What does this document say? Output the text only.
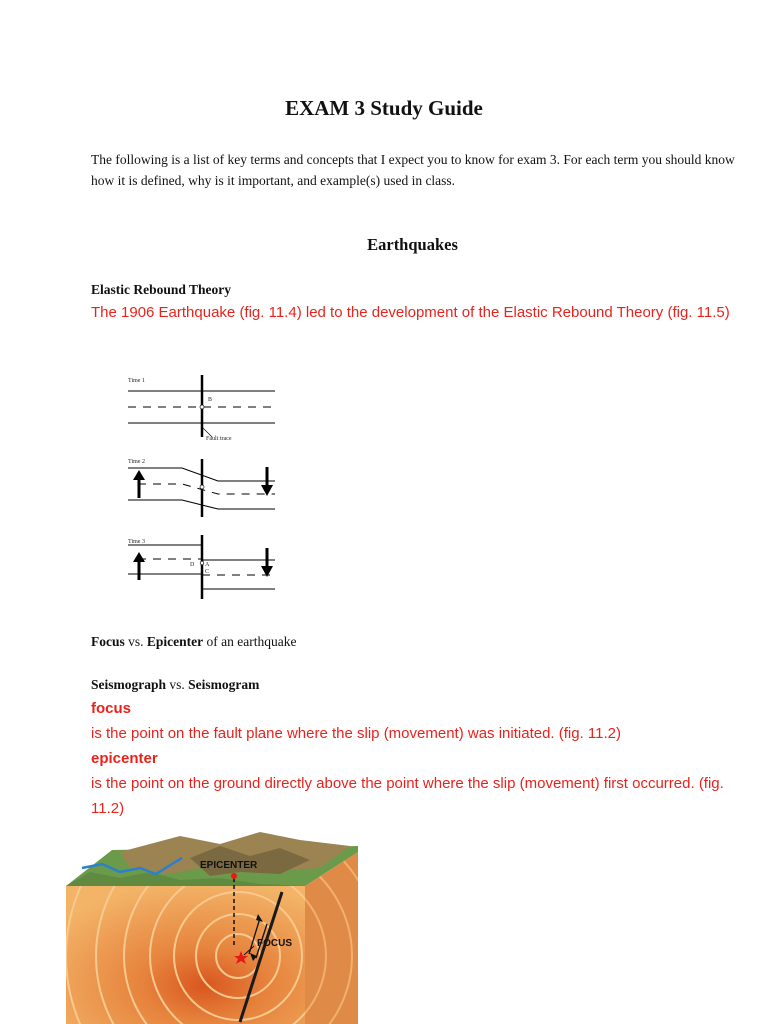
EXAM 3 Study Guide
The following is a list of key terms and concepts that I expect you to know for exam 3. For each term you should know how it is defined, why is it important, and example(s) used in class.
Earthquakes
Elastic Rebound Theory
The 1906 Earthquake (fig. 11.4) led to the development of the Elastic Rebound Theory (fig. 11.5)
Time 1
B
Fault trace
Time 2
Time 3
D A
C
Focus vs. Epicenter of an earthquake
Seismograph vs. Seismogram
focus
is the point on the fault plane where the slip (movement) was initiated. (fig. 11.2)
epicenter
is the point on the ground directly above the point where the slip (movement) first occurred. (fig. 11.2)
EPICENTER
FOCUS
